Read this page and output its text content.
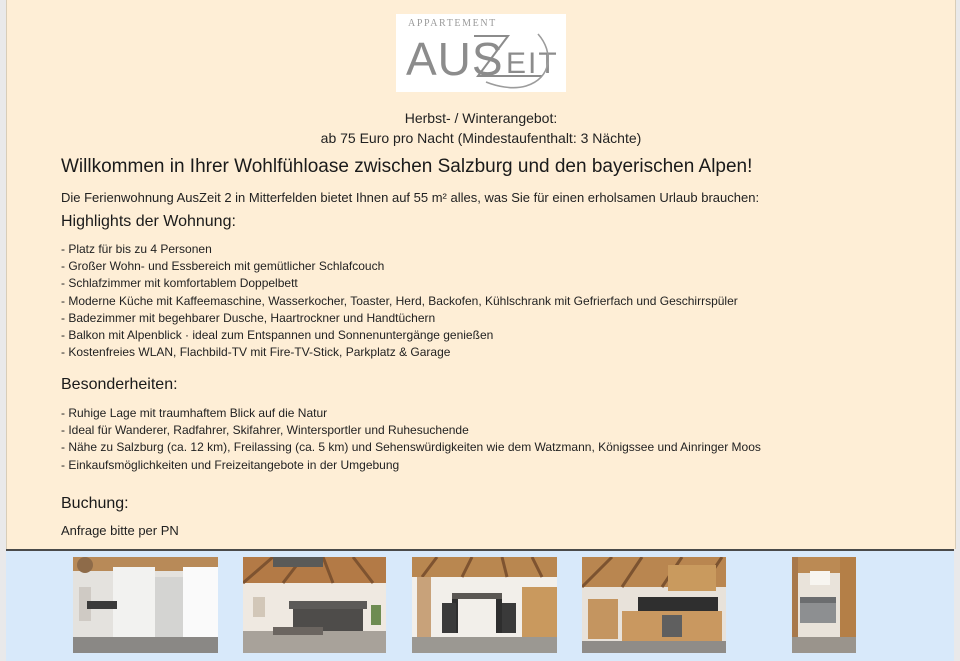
APPARTEMENT
AUS EIT
Herbst- / Winterangebot:
ab 75 Euro pro Nacht (Mindestaufenthalt: 3 Nächte)
Willkommen in Ihrer Wohlfühloase zwischen Salzburg und den bayerischen Alpen!
Die Ferienwohnung AusZeit 2 in Mitterfelden bietet Ihnen auf 55 m² alles, was Sie für einen erholsamen Urlaub brauchen:
Highlights der Wohnung:
- Platz für bis zu 4 Personen
- Großer Wohn- und Essbereich mit gemütlicher Schlafcouch
- Schlafzimmer mit komfortablem Doppelbett
- Moderne Küche mit Kaffeemaschine, Wasserkocher, Toaster, Herd, Backofen, Kühlschrank mit Gefrierfach und Geschirrspüler
- Badezimmer mit begehbarer Dusche, Haartrockner und Handtüchern
- Balkon mit Alpenblick · ideal zum Entspannen und Sonnenuntergänge genießen
- Kostenfreies WLAN, Flachbild-TV mit Fire-TV-Stick, Parkplatz & Garage
Besonderheiten:
- Ruhige Lage mit traumhaftem Blick auf die Natur
- Ideal für Wanderer, Radfahrer, Skifahrer, Wintersportler und Ruhesuchende
- Nähe zu Salzburg (ca. 12 km), Freilassing (ca. 5 km) und Sehenswürdigkeiten wie dem Watzmann, Königssee und Ainringer Moos
- Einkaufsmöglichkeiten und Freizeitangebote in der Umgebung
Buchung:
Anfrage bitte per PN
